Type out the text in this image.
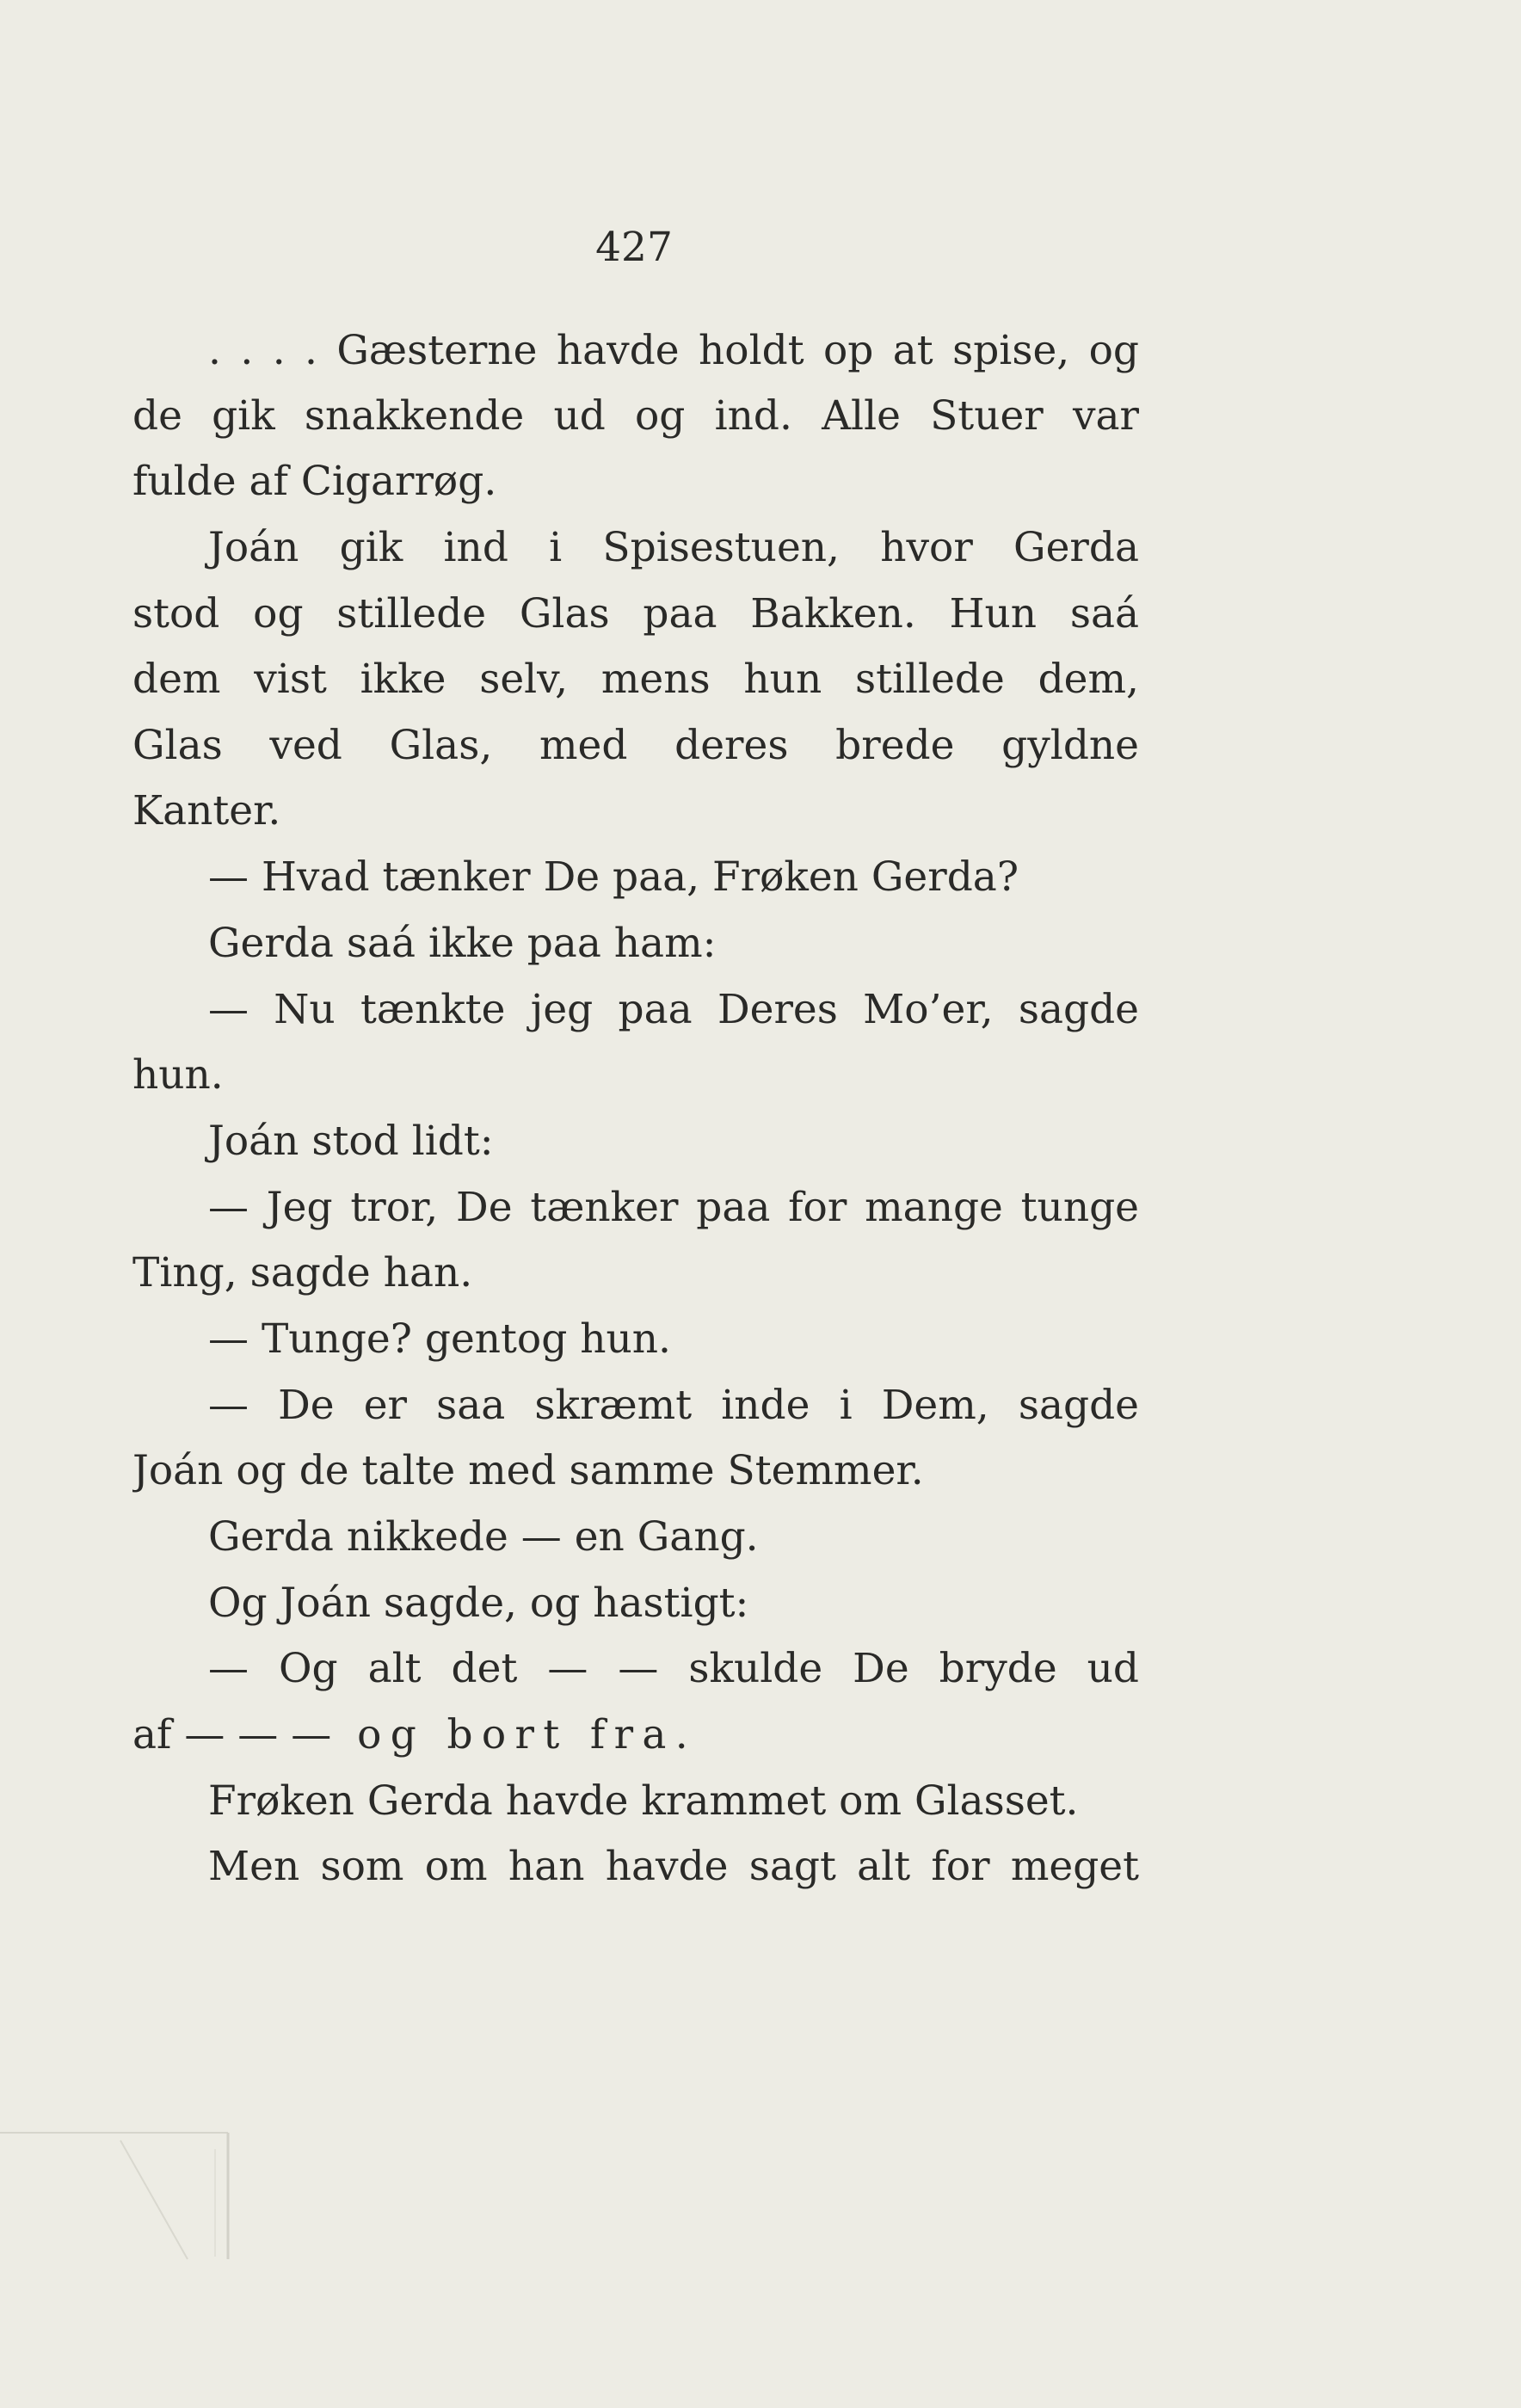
427
. . . . Gæsterne havde holdt op at spise, og
de gik snakkende ud og ind. Alle Stuer var
fulde af Cigarrøg.
Joán gik ind i Spisestuen, hvor Gerda
stod og stillede Glas paa Bakken. Hun saá
dem vist ikke selv, mens hun stillede dem,
Glas ved Glas, med deres brede gyldne
Kanter.
— Hvad tænker De paa, Frøken Gerda?
Gerda saá ikke paa ham:
— Nu tænkte jeg paa Deres Mo’er, sagde
hun.
Joán stod lidt:
— Jeg tror, De tænker paa for mange tunge
Ting, sagde han.
— Tunge? gentog hun.
— De er saa skræmt inde i Dem, sagde
Joán og de talte med samme Stemmer.
Gerda nikkede — en Gang.
Og Joán sagde, og hastigt:
— Og alt det — — skulde De bryde ud
af — — — og bort fra.
Frøken Gerda havde krammet om Glasset.
Men som om han havde sagt alt for meget
